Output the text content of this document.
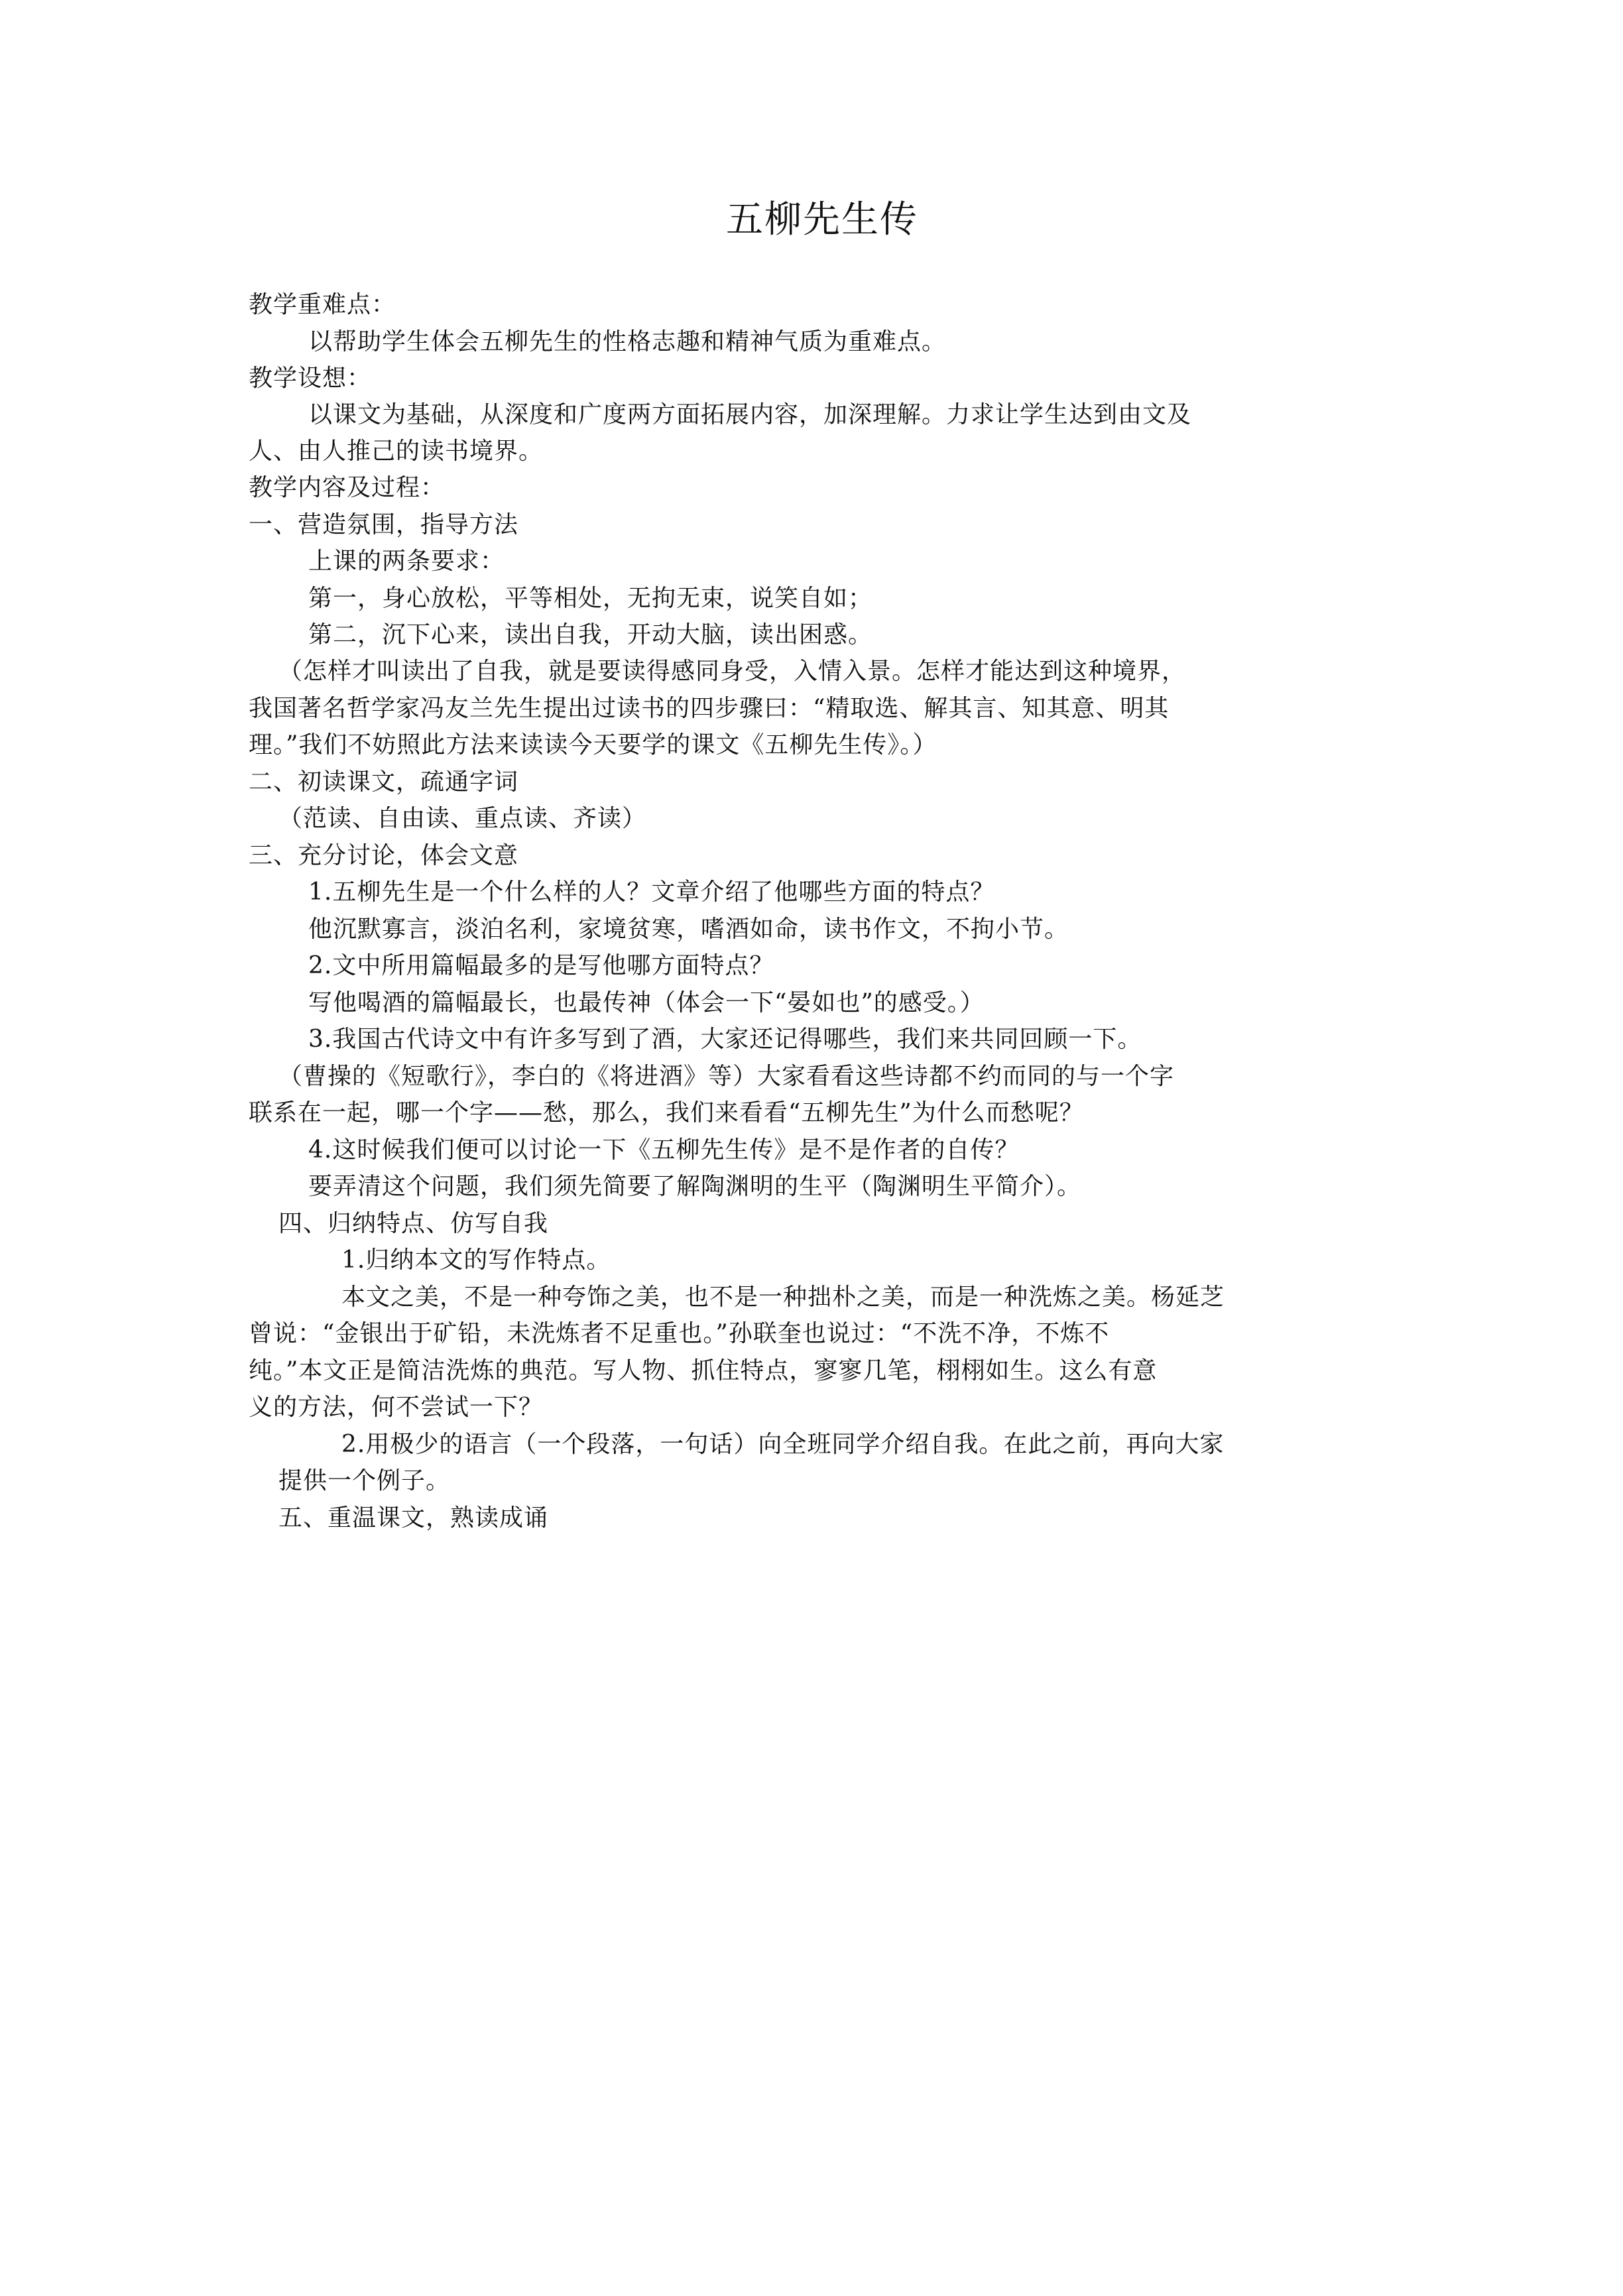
五柳先生传
教学重难点：
以帮助学生体会五柳先生的性格志趣和精神气质为重难点。
教学设想：
以课文为基础，从深度和广度两方面拓展内容，加深理解。力求让学生达到由文及
人、由人推己的读书境界。
教学内容及过程：
一、营造氛围，指导方法
上课的两条要求：
第一，身心放松，平等相处，无拘无束，说笑自如；
第二，沉下心来，读出自我，开动大脑，读出困惑。
（怎样才叫读出了自我，就是要读得感同身受，入情入景。怎样才能达到这种境界，
我国著名哲学家冯友兰先生提出过读书的四步骤曰：“精取选、解其言、知其意、明其
理。”我们不妨照此方法来读读今天要学的课文《五柳先生传》。）
二、初读课文，疏通字词
（范读、自由读、重点读、齐读）
三、充分讨论，体会文意
1.五柳先生是一个什么样的人？文章介绍了他哪些方面的特点？
他沉默寡言，淡泊名利，家境贫寒，嗜酒如命，读书作文，不拘小节。
2.文中所用篇幅最多的是写他哪方面特点？
写他喝酒的篇幅最长，也最传神（体会一下“晏如也”的感受。）
3.我国古代诗文中有许多写到了酒，大家还记得哪些，我们来共同回顾一下。
（曹操的《短歌行》，李白的《将进酒》等）大家看看这些诗都不约而同的与一个字
联系在一起，哪一个字——愁，那么，我们来看看“五柳先生”为什么而愁呢？
4.这时候我们便可以讨论一下《五柳先生传》是不是作者的自传？
要弄清这个问题，我们须先简要了解陶渊明的生平（陶渊明生平简介）。
四、归纳特点、仿写自我
1.归纳本文的写作特点。
本文之美，不是一种夸饰之美，也不是一种拙朴之美，而是一种洗炼之美。杨延芝
曾说：“金银出于矿铅，未洗炼者不足重也。”孙联奎也说过：“不洗不净，不炼不
纯。”本文正是简洁洗炼的典范。写人物、抓住特点，寥寥几笔，栩栩如生。这么有意
义的方法，何不尝试一下？
2.用极少的语言（一个段落，一句话）向全班同学介绍自我。在此之前，再向大家
提供一个例子。
五、重温课文，熟读成诵
